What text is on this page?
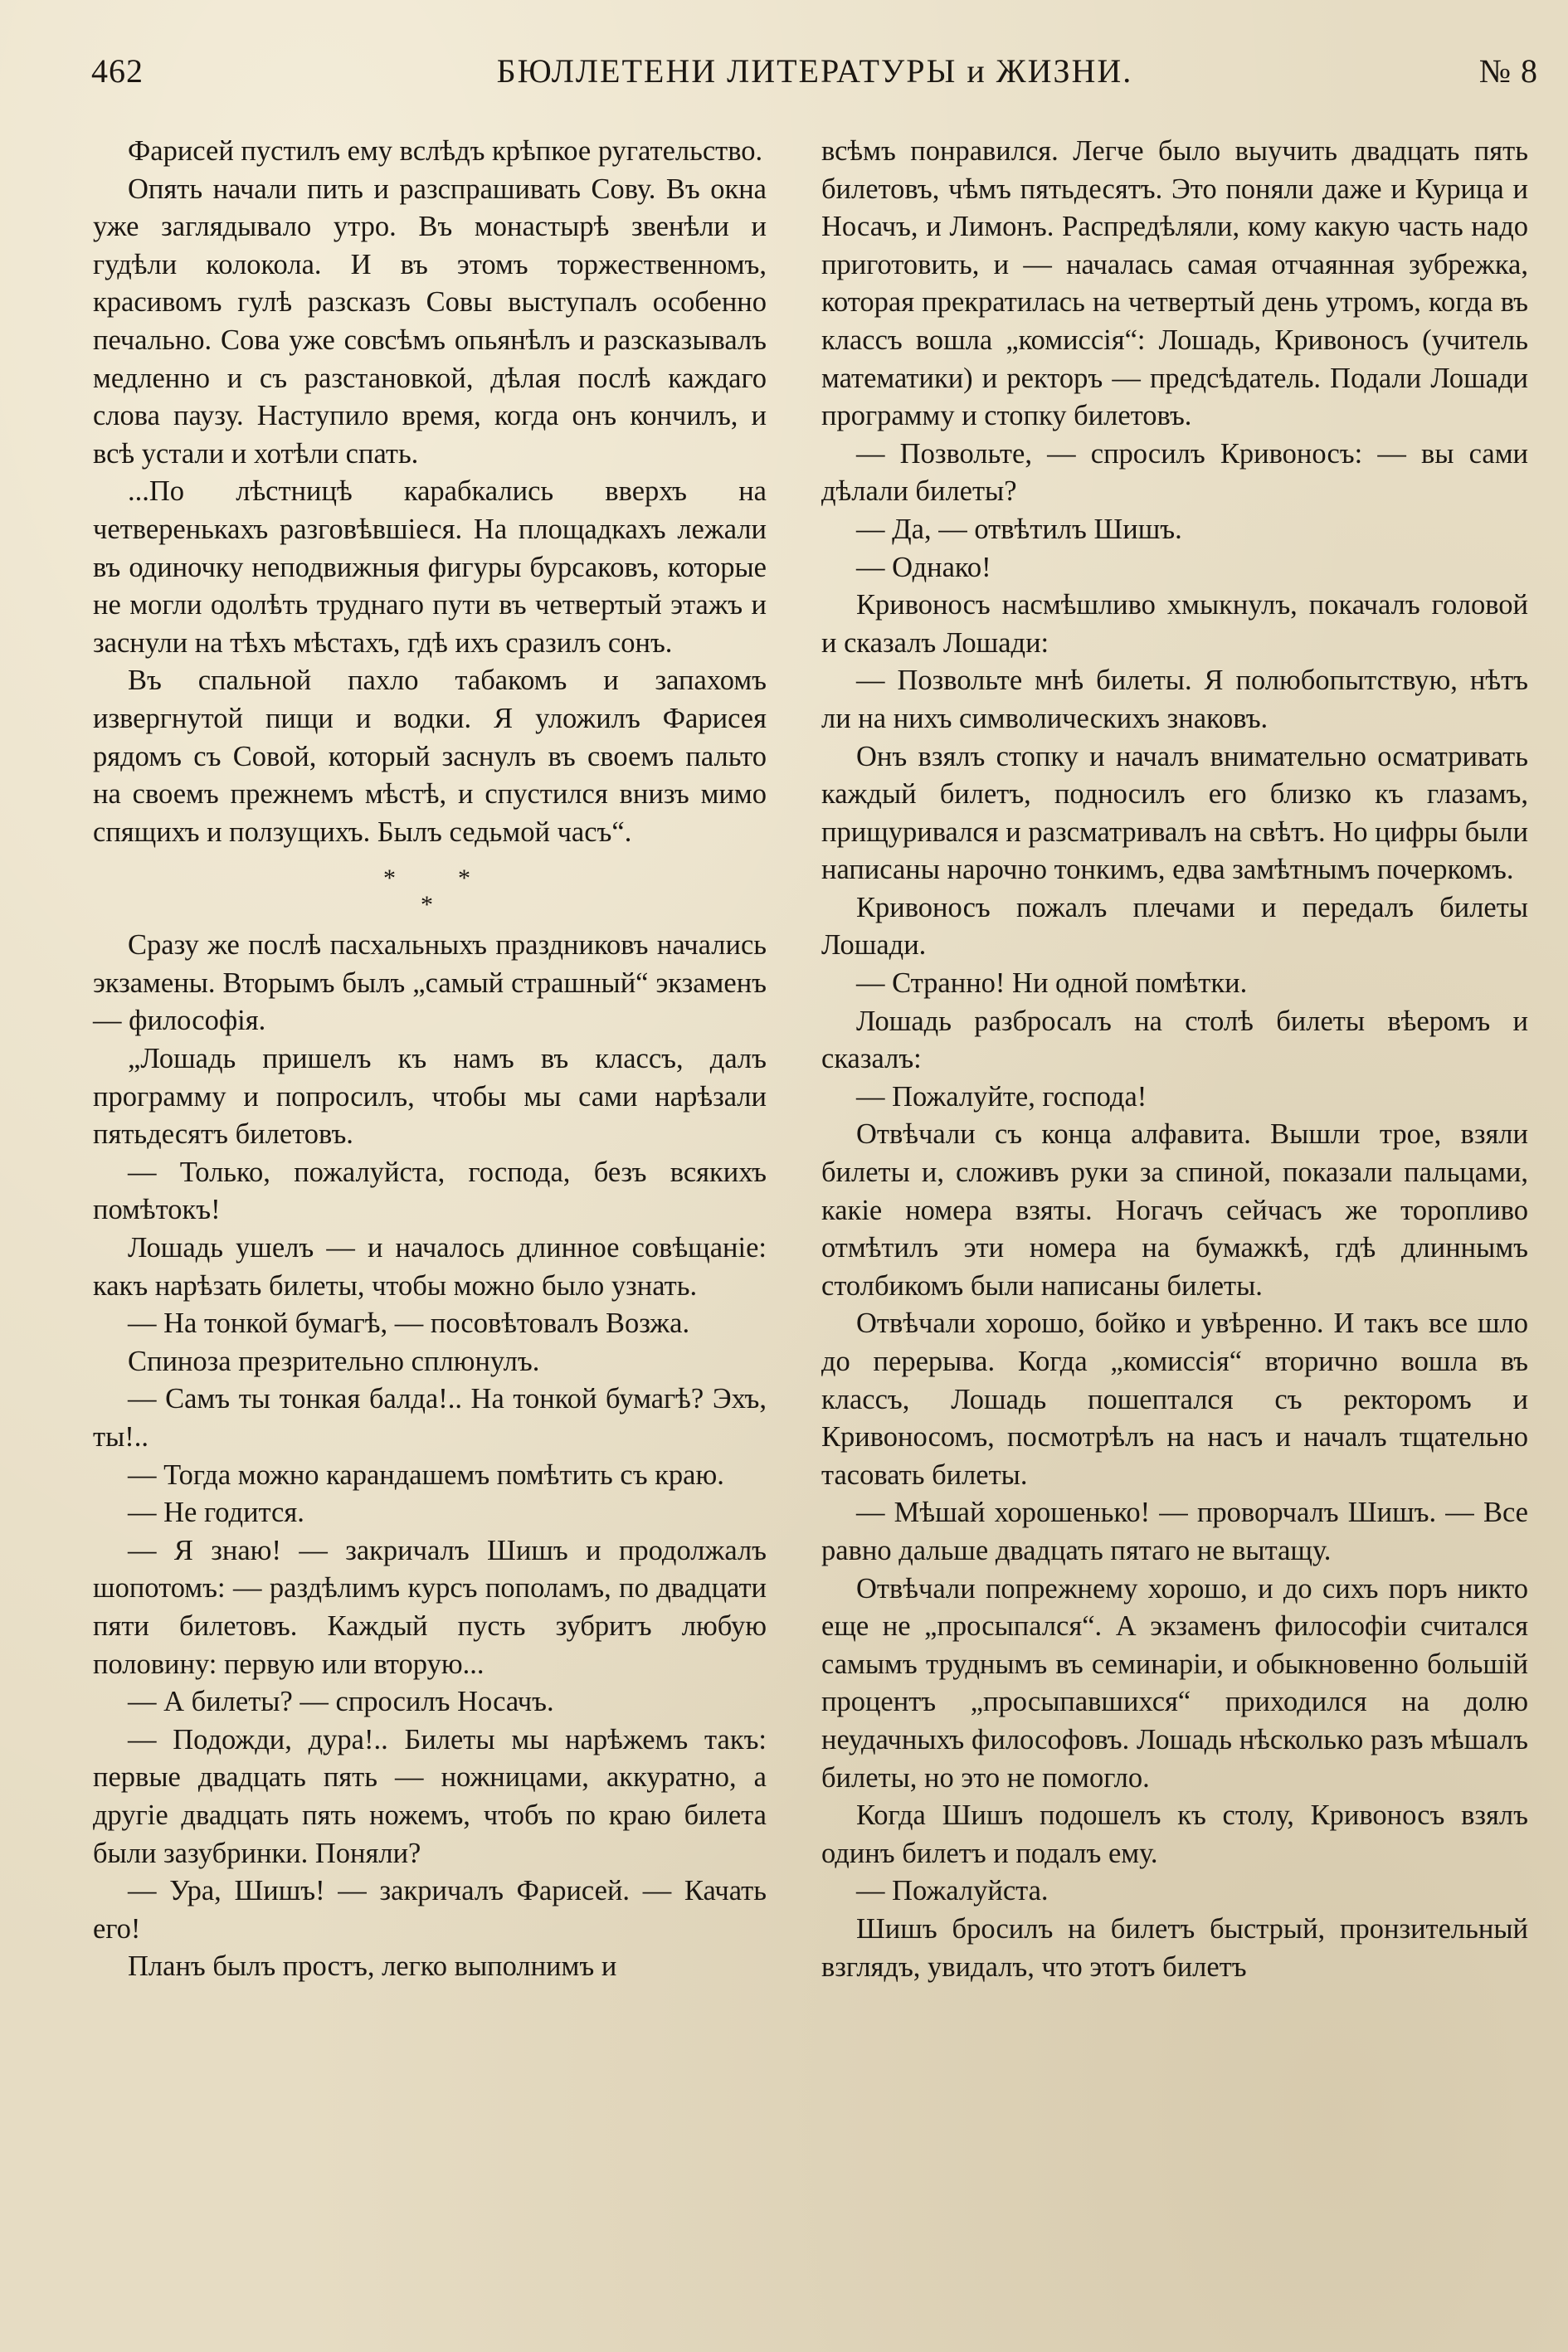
462	БЮЛЛЕТЕНИ ЛИТЕРАТУРЫ и ЖИЗНИ.	№ 8

Фарисей пустилъ ему вслѣдъ крѣпкое ругательство.

Опять начали пить и разспрашивать Сову. Въ окна уже заглядывало утро. Въ монастырѣ звенѣли и гудѣли колокола. И въ этомъ торжественномъ, красивомъ гулѣ разсказъ Совы выступалъ особенно печально. Сова уже совсѣмъ опьянѣлъ и разсказывалъ медленно и съ разстановкой, дѣлая послѣ каждаго слова паузу. Наступило время, когда онъ кончилъ, и всѣ устали и хотѣли спать.

...По лѣстницѣ карабкались вверхъ на четверенькахъ разговѣвшiеся. На площадкахъ лежали въ одиночку неподвижныя фигуры бурсаковъ, которые не могли одолѣть труднаго пути въ четвертый этажъ и заснули на тѣхъ мѣстахъ, гдѣ ихъ сразилъ сонъ.

Въ спальной пахло табакомъ и запахомъ извергнутой пищи и водки. Я уложилъ Фарисея рядомъ съ Совой, который заснулъ въ своемъ пальто на своемъ прежнемъ мѣстѣ, и спустился внизъ мимо спящихъ и ползущихъ. Былъ седьмой часъ“.

*	*
*

Сразу же послѣ пасхальныхъ праздниковъ начались экзамены. Вторымъ былъ „самый страшный“ экзаменъ — философiя.

„Лошадь пришелъ къ намъ въ классъ, далъ программу и попросилъ, чтобы мы сами нарѣзали пятьдесятъ билетовъ.

— Только, пожалуйста, господа, безъ всякихъ помѣтокъ!

Лошадь ушелъ — и началось длинное совѣщанiе: какъ нарѣзать билеты, чтобы можно было узнать.

— На тонкой бумагѣ, — посовѣтовалъ Возжа.

Спиноза презрительно сплюнулъ.

— Самъ ты тонкая балда!.. На тонкой бумагѣ? Эхъ, ты!..

— Тогда можно карандашемъ помѣтить съ краю.

— Не годится.

— Я знаю! — закричалъ Шишъ и продолжалъ шопотомъ: — раздѣлимъ курсъ пополамъ, по двадцати пяти билетовъ. Каждый пусть зубритъ любую половину: первую или вторую...

— А билеты? — спросилъ Носачъ.

— Подожди, дура!.. Билеты мы нарѣжемъ такъ: первые двадцать пять — ножницами, аккуратно, а другiе двадцать пять ножемъ, чтобъ по краю билета были зазубринки. Поняли?

— Ура, Шишъ! — закричалъ Фарисей. — Качать его!

Планъ былъ простъ, легко выполнимъ и

всѣмъ понравился. Легче было выучить двадцать пять билетовъ, чѣмъ пятьдесятъ. Это поняли даже и Курица и Носачъ, и Лимонъ. Распредѣляли, кому какую часть надо приготовить, и — началась самая отчаянная зубрежка, которая прекратилась на четвертый день утромъ, когда въ классъ вошла „комиссiя“: Лошадь, Кривоносъ (учитель математики) и ректоръ — предсѣдатель. Подали Лошади программу и стопку билетовъ.

— Позвольте, — спросилъ Кривоносъ: — вы сами дѣлали билеты?

— Да, — отвѣтилъ Шишъ.

— Однако!

Кривоносъ насмѣшливо хмыкнулъ, покачалъ головой и сказалъ Лошади:

— Позвольте мнѣ билеты. Я полюбопытствую, нѣтъ ли на нихъ символическихъ знаковъ.

Онъ взялъ стопку и началъ внимательно осматривать каждый билетъ, подносилъ его близко къ глазамъ, прищуривался и разсматривалъ на свѣтъ. Но цифры были написаны нарочно тонкимъ, едва замѣтнымъ почеркомъ.

Кривоносъ пожалъ плечами и передалъ билеты Лошади.

— Странно! Ни одной помѣтки.

Лошадь разбросалъ на столѣ билеты вѣеромъ и сказалъ:

— Пожалуйте, господа!

Отвѣчали съ конца алфавита. Вышли трое, взяли билеты и, сложивъ руки за спиной, показали пальцами, какiе номера взяты. Ногачъ сейчасъ же торопливо отмѣтилъ эти номера на бумажкѣ, гдѣ длиннымъ столбикомъ были написаны билеты.

Отвѣчали хорошо, бойко и увѣренно. И такъ все шло до перерыва. Когда „комиссiя“ вторично вошла въ классъ, Лошадь пошептался съ ректоромъ и Кривоносомъ, посмотрѣлъ на насъ и началъ тщательно тасовать билеты.

— Мѣшай хорошенько! — проворчалъ Шишъ. — Все равно дальше двадцать пятаго не вытащу.

Отвѣчали попрежнему хорошо, и до сихъ поръ никто еще не „просыпался“. А экзаменъ философiи считался самымъ труднымъ въ семинарiи, и обыкновенно большiй процентъ „просыпавшихся“ приходился на долю неудачныхъ философовъ. Лошадь нѣсколько разъ мѣшалъ билеты, но это не помогло.

Когда Шишъ подошелъ къ столу, Кривоносъ взялъ одинъ билетъ и подалъ ему.

— Пожалуйста.

Шишъ бросилъ на билетъ быстрый, пронзительный взглядъ, увидалъ, что этотъ билетъ
